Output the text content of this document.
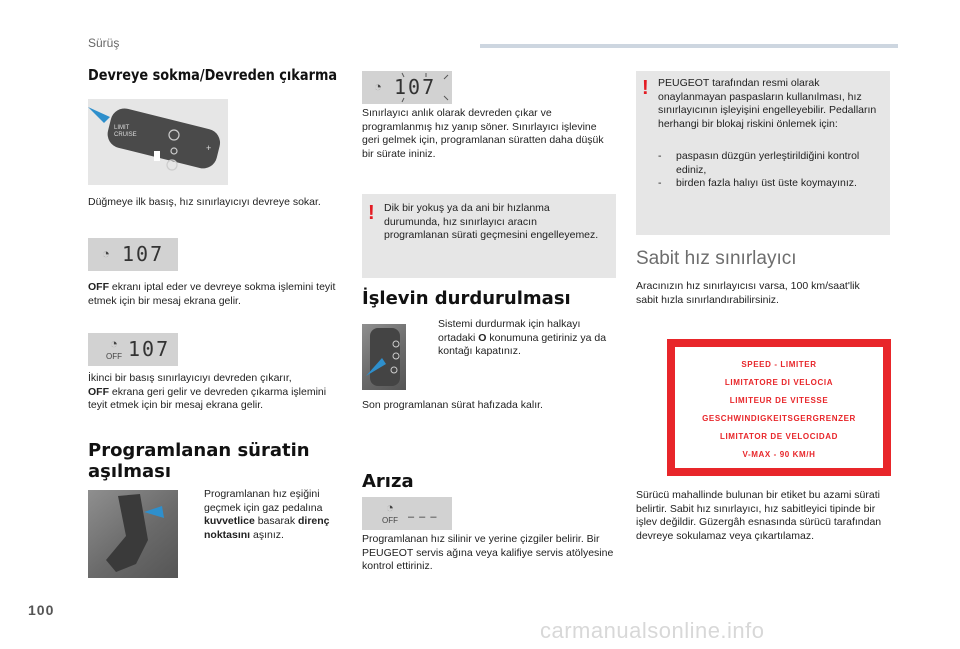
Sürüş
100
carmanualsonline.info
Devreye sokma/Devreden çıkarma
+
LIMIT
CRUISE
Düğmeye ilk basış, hız sınırlayıcıyı devreye sokar.
◔ 107
OFF ekranı iptal eder ve devreye sokma işlemini teyit etmek için bir mesaj ekrana gelir.
◔
OFF 107
İkinci bir basış sınırlayıcıyı devreden çıkarır,
OFF ekrana geri gelir ve devreden çıkarma işlemini teyit etmek için bir mesaj ekrana gelir.
Programlanan süratin aşılması
Programlanan hız eşiğini geçmek için gaz pedalına kuvvetlice basarak direnç noktasını aşınız.
◔ 107
Sınırlayıcı anlık olarak devreden çıkar ve programlanmış hız yanıp söner. Sınırlayıcı işlevine geri gelmek için, programlanan süratten daha düşük bir sürate ininiz.
! Dik bir yokuş ya da ani bir hızlanma durumunda, hız sınırlayıcı aracın programlanan sürati geçmesini engelleyemez.
İşlevin durdurulması
Sistemi durdurmak için halkayı ortadaki O konumuna getiriniz ya da kontağı kapatınız.
Son programlanan sürat hafızada kalır.
Arıza
◔
OFF – – –
Programlanan hız silinir ve yerine çizgiler belirir. Bir PEUGEOT servis ağına veya kalifiye servis atölyesine kontrol ettiriniz.
! PEUGEOT tarafından resmi olarak onaylanmayan paspasların kullanılması, hız sınırlayıcının işleyişini engelleyebilir. Pedalların herhangi bir blokaj riskini önlemek için:
- paspasın düzgün yerleştirildiğini kontrol ediniz,
- birden fazla halıyı üst üste koymayınız.
Sabit hız sınırlayıcı
Aracınızın hız sınırlayıcısı varsa, 100 km/saat'lik sabit hızla sınırlandırabilirsiniz.
SPEED - LIMITER
LIMITATORE DI VELOCIA
LIMITEUR DE VITESSE
GESCHWINDIGKEITSGERGRENZER
LIMITATOR DE VELOCIDAD
V-MAX - 90 KM/H
Sürücü mahallinde bulunan bir etiket bu azami sürati belirtir. Sabit hız sınırlayıcı, hız sabitleyici tipinde bir işlev değildir. Güzergâh esnasında sürücü tarafından devreye sokulamaz veya çıkartılamaz.
